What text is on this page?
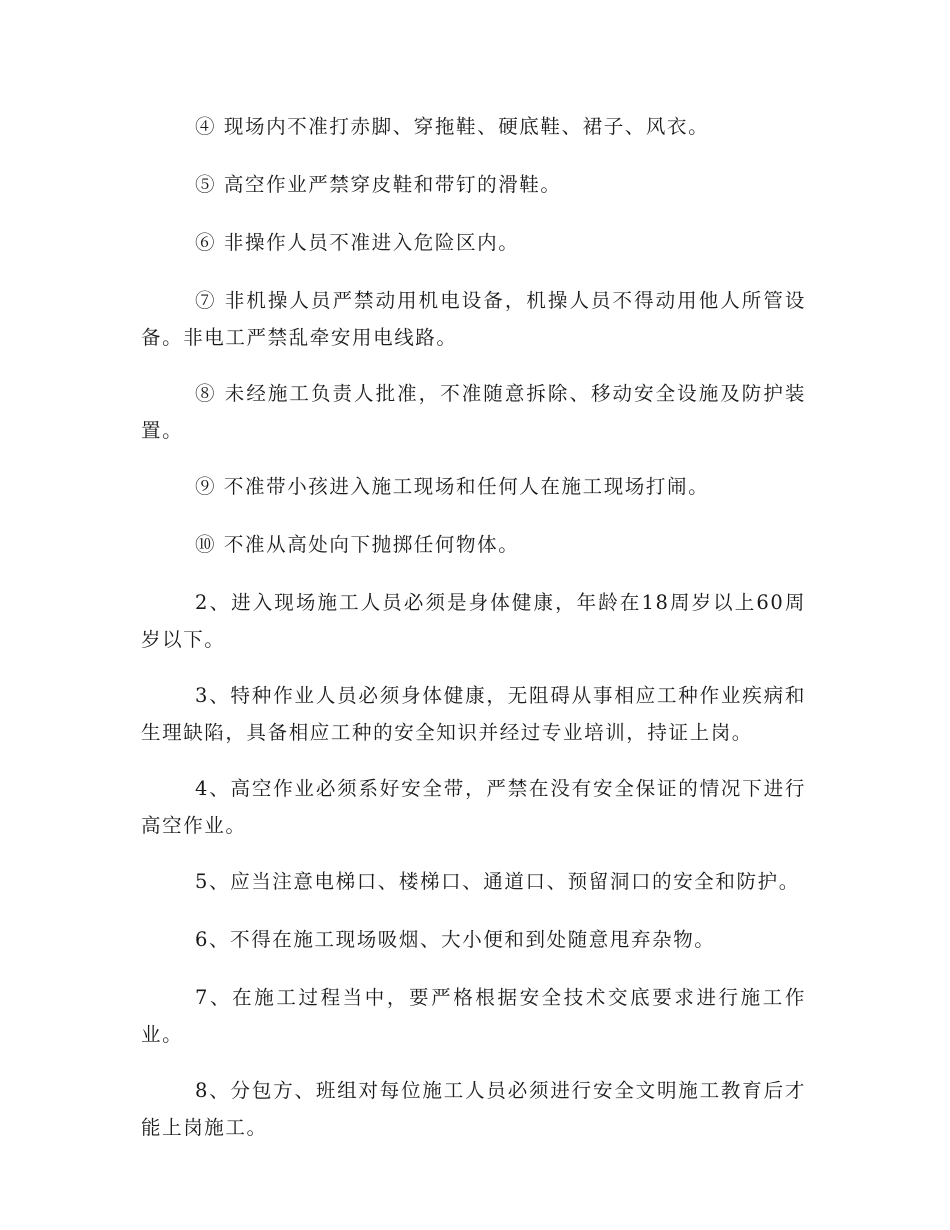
④ 现场内不准打赤脚、穿拖鞋、硬底鞋、裙子、风衣。

⑤ 高空作业严禁穿皮鞋和带钉的滑鞋。

⑥ 非操作人员不准进入危险区内。

⑦ 非机操人员严禁动用机电设备，机操人员不得动用他人所管设备。非电工严禁乱牵安用电线路。

⑧ 未经施工负责人批准，不准随意拆除、移动安全设施及防护装置。

⑨ 不准带小孩进入施工现场和任何人在施工现场打闹。

⑩ 不准从高处向下抛掷任何物体。

2、进入现场施工人员必须是身体健康，年龄在18周岁以上60周岁以下。

3、特种作业人员必须身体健康，无阻碍从事相应工种作业疾病和生理缺陷，具备相应工种的安全知识并经过专业培训，持证上岗。

4、高空作业必须系好安全带，严禁在没有安全保证的情况下进行高空作业。

5、应当注意电梯口、楼梯口、通道口、预留洞口的安全和防护。

6、不得在施工现场吸烟、大小便和到处随意甩弃杂物。

7、在施工过程当中，要严格根据安全技术交底要求进行施工作业。

8、分包方、班组对每位施工人员必须进行安全文明施工教育后才能上岗施工。
